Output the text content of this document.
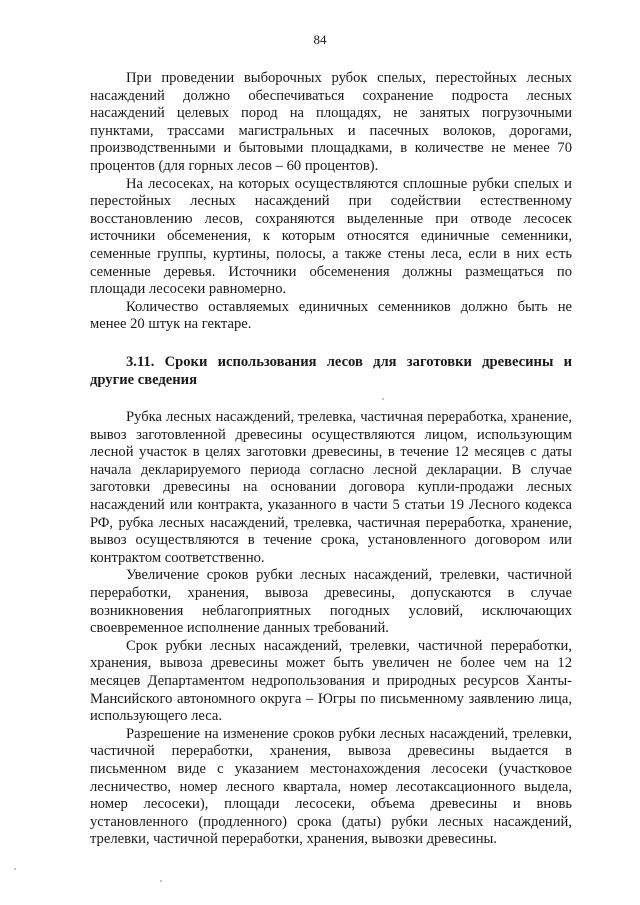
84

При проведении выборочных рубок спелых, перестойных лесных насаждений должно обеспечиваться сохранение подроста лесных насаждений целевых пород на площадях, не занятых погрузочными пунктами, трассами магистральных и пасечных волоков, дорогами, производственными и бытовыми площадками, в количестве не менее 70 процентов (для горных лесов – 60 процентов).

На лесосеках, на которых осуществляются сплошные рубки спелых и перестойных лесных насаждений при содействии естественному восстановлению лесов, сохраняются выделенные при отводе лесосек источники обсеменения, к которым относятся единичные семенники, семенные группы, куртины, полосы, а также стены леса, если в них есть семенные деревья. Источники обсеменения должны размещаться по площади лесосеки равномерно.

Количество оставляемых единичных семенников должно быть не менее 20 штук на гектаре.

3.11. Сроки использования лесов для заготовки древесины и другие сведения

Рубка лесных насаждений, трелевка, частичная переработка, хранение, вывоз заготовленной древесины осуществляются лицом, использующим лесной участок в целях заготовки древесины, в течение 12 месяцев с даты начала декларируемого периода согласно лесной декларации. В случае заготовки древесины на основании договора купли-продажи лесных насаждений или контракта, указанного в части 5 статьи 19 Лесного кодекса РФ, рубка лесных насаждений, трелевка, частичная переработка, хранение, вывоз осуществляются в течение срока, установленного договором или контрактом соответственно.

Увеличение сроков рубки лесных насаждений, трелевки, частичной переработки, хранения, вывоза древесины, допускаются в случае возникновения неблагоприятных погодных условий, исключающих своевременное исполнение данных требований.

Срок рубки лесных насаждений, трелевки, частичной переработки, хранения, вывоза древесины может быть увеличен не более чем на 12 месяцев Департаментом недропользования и природных ресурсов Ханты-Мансийского автономного округа – Югры по письменному заявлению лица, использующего леса.

Разрешение на изменение сроков рубки лесных насаждений, трелевки, частичной переработки, хранения, вывоза древесины выдается в письменном виде с указанием местонахождения лесосеки (участковое лесничество, номер лесного квартала, номер лесотаксационного выдела, номер лесосеки), площади лесосеки, объема древесины и вновь установленного (продленного) срока (даты) рубки лесных насаждений, трелевки, частичной переработки, хранения, вывозки древесины.
